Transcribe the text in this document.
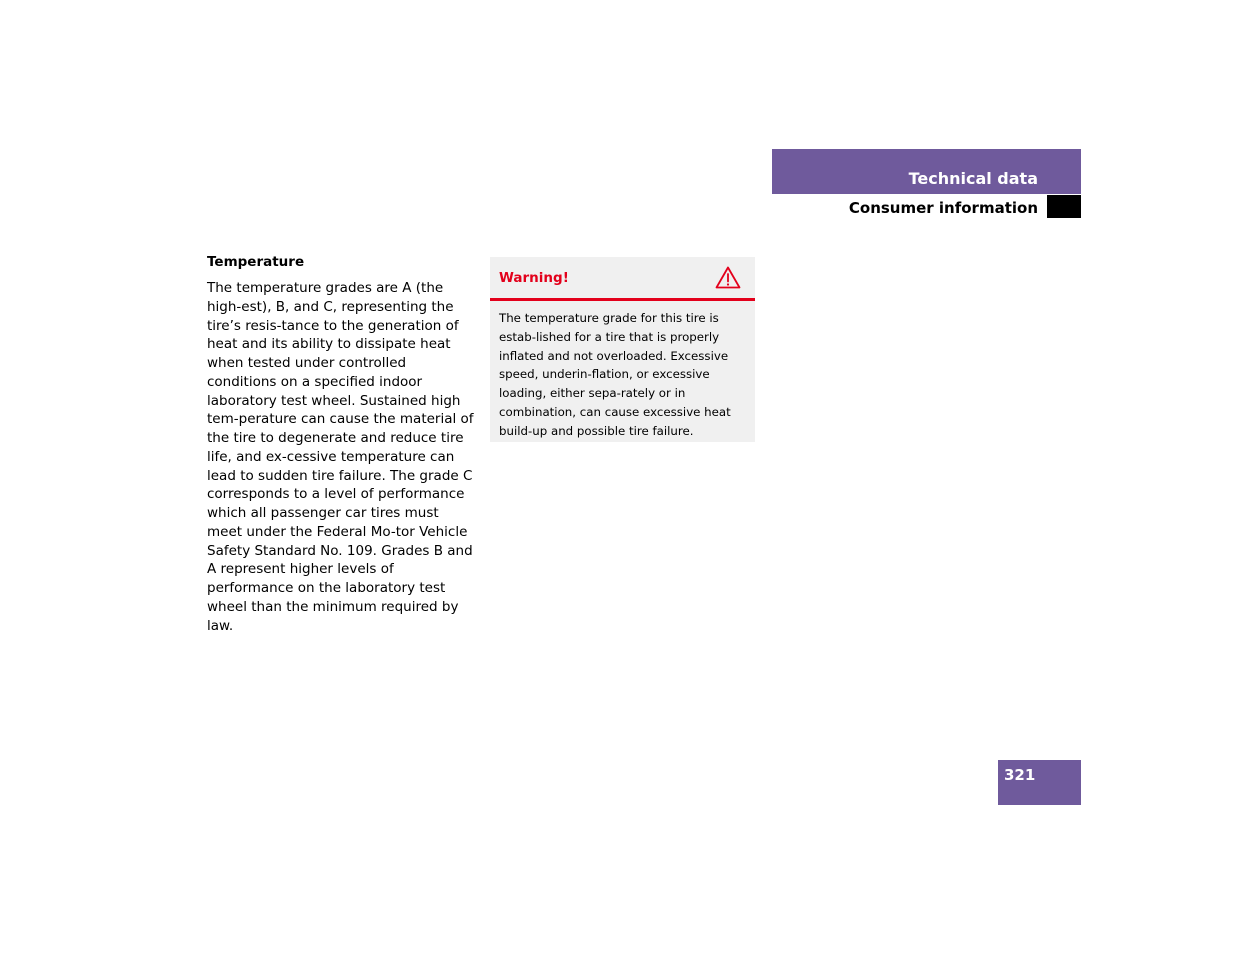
Technical data
Consumer information
Temperature

The temperature grades are A (the high-est), B, and C, representing the tire’s resis-tance to the generation of heat and its ability to dissipate heat when tested under controlled conditions on a specified indoor laboratory test wheel. Sustained high tem-perature can cause the material of the tire to degenerate and reduce tire life, and ex-cessive temperature can lead to sudden tire failure. The grade C corresponds to a level of performance which all passenger car tires must meet under the Federal Mo-tor Vehicle Safety Standard No. 109. Grades B and A represent higher levels of performance on the laboratory test wheel than the minimum required by law.

Warning!

The temperature grade for this tire is estab-lished for a tire that is properly inflated and not overloaded. Excessive speed, underin-flation, or excessive loading, either sepa-rately or in combination, can cause excessive heat build-up and possible tire failure.

321
